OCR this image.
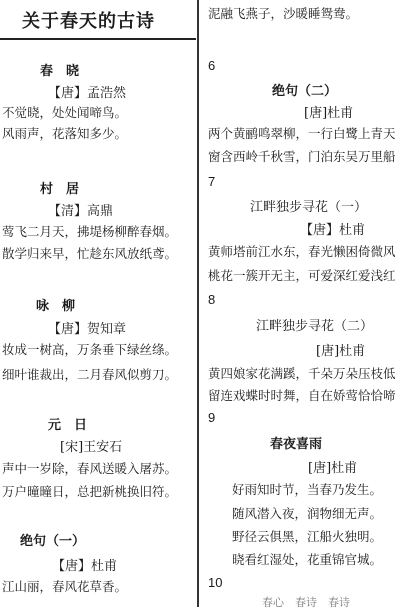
关于春天的古诗
春　晓
【唐】孟浩然
不觉晓，处处闻啼鸟。
风雨声，花落知多少。
村　居
【清】高鼎
莺飞二月天，拂堤杨柳醉春烟。
散学归来早，忙趁东风放纸鸢。
咏　柳
【唐】贺知章
妆成一树高，万条垂下绿丝绦。
细叶谁裁出，二月春风似剪刀。
元　日
[宋]王安石
声中一岁除，春风送暖入屠苏。
万户曈曈日，总把新桃换旧符。
绝句（一）
【唐】杜甫
江山丽，春风花草香。
泥融飞燕子，沙暖睡鸳鸯。
6
绝句（二）
[唐]杜甫
两个黄鹂鸣翠柳，一行白鹭上青天
窗含西岭千秋雪，门泊东吴万里船
7
江畔独步寻花（一）
【唐】杜甫
黄师塔前江水东，春光懒困倚微风
桃花一簇开无主，可爱深红爱浅红
8
江畔独步寻花（二）
[唐]杜甫
黄四娘家花满蹊，千朵万朵压枝低
留连戏蝶时时舞，自在娇莺恰恰啼
9
春夜喜雨
[唐]杜甫
好雨知时节，当春乃发生。
随风潜入夜，润物细无声。
野径云俱黑，江船火独明。
晓看红湿处，花重锦官城。
10
春心　春诗　春诗
